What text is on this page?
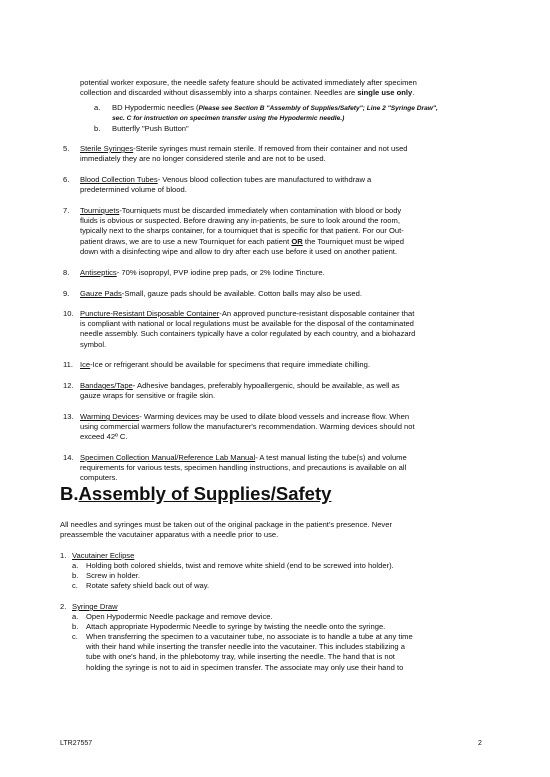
potential worker exposure, the needle safety feature should be activated immediately after specimen

collection and discarded without disassembly into a sharps container. Needles are single use only.

a. BD Hypodermic needles (Please see Section B "Assembly of Supplies/Safety"; Line 2 "Syringe Draw",

sec. C for instruction on specimen transfer using the Hypodermic needle.)

b. Butterfly "Push Button"

5. Sterile Syringes-Sterile syringes must remain sterile. If removed from their container and not used

immediately they are no longer considered sterile and are not to be used.

6. Blood Collection Tubes- Venous blood collection tubes are manufactured to withdraw a

predetermined volume of blood.

7. Tourniquets-Tourniquets must be discarded immediately when contamination with blood or body

fluids is obvious or suspected. Before drawing any in-patients, be sure to look around the room,

typically next to the sharps container, for a tourniquet that is specific for that patient. For our Out-

patient draws, we are to use a new Tourniquet for each patient OR the Tourniquet must be wiped

down with a disinfecting wipe and allow to dry after each use before it used on another patient.

8. Antiseptics- 70% isopropyl, PVP iodine prep pads, or 2% Iodine Tincture.

9. Gauze Pads-Small, gauze pads should be available. Cotton balls may also be used.

10. Puncture-Resistant Disposable Container-An approved puncture-resistant disposable container that

is compliant with national or local regulations must be available for the disposal of the contaminated

needle assembly. Such containers typically have a color regulated by each country, and a biohazard

symbol.

11. Ice-Ice or refrigerant should be available for specimens that require immediate chilling.

12. Bandages/Tape- Adhesive bandages, preferably hypoallergenic, should be available, as well as

gauze wraps for sensitive or fragile skin.

13. Warming Devices- Warming devices may be used to dilate blood vessels and increase flow. When

using commercial warmers follow the manufacturer's recommendation. Warming devices should not

exceed 42º C.

14. Specimen Collection Manual/Reference Lab Manual- A test manual listing the tube(s) and volume

requirements for various tests, specimen handling instructions, and precautions is available on all

computers.

B.Assembly of Supplies/Safety

All needles and syringes must be taken out of the original package in the patient's presence. Never

preassemble the vacutainer apparatus with a needle prior to use.

1. Vacutainer Eclipse

a. Holding both colored shields, twist and remove white shield (end to be screwed into holder).

b. Screw in holder.

c. Rotate safety shield back out of way.

2. Syringe Draw

a. Open Hypodermic Needle package and remove device.

b. Attach appropriate Hypodermic Needle to syringe by twisting the needle onto the syringe.

c. When transferring the specimen to a vacutainer tube, no associate is to handle a tube at any time

with their hand while inserting the transfer needle into the vacutainer. This includes stabilizing a

tube with one's hand, in the phlebotomy tray, while inserting the needle. The hand that is not

holding the syringe is not to aid in specimen transfer. The associate may only use their hand to

LTR27557	2
